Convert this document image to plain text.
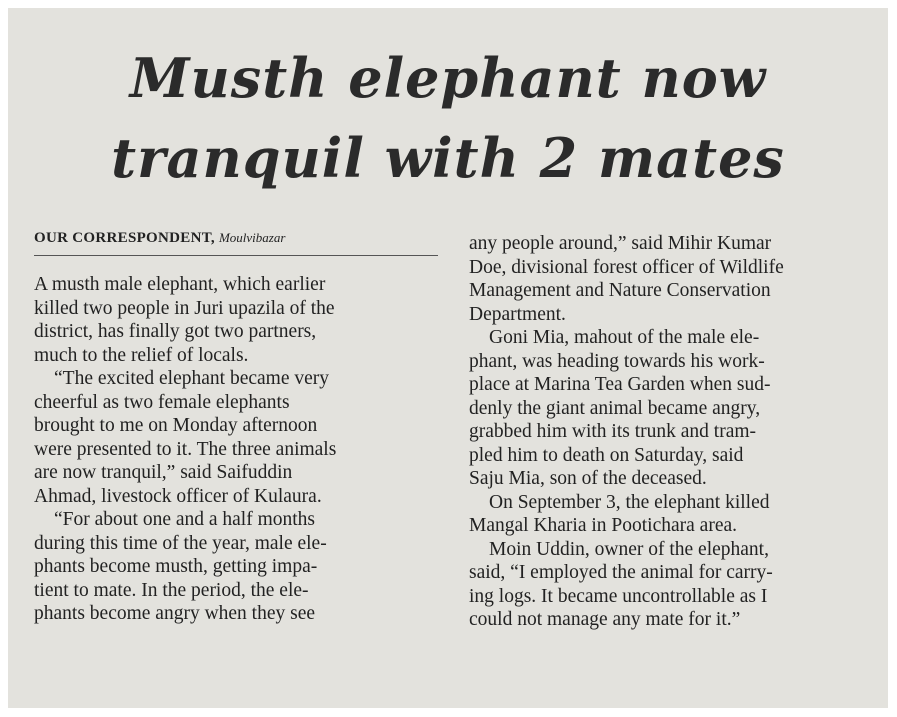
Musth elephant now
tranquil with 2 mates
OUR CORRESPONDENT, Moulvibazar
A musth male elephant, which earlier
killed two people in Juri upazila of the
district, has finally got two partners,
much to the relief of locals.
“The excited elephant became very
cheerful as two female elephants
brought to me on Monday afternoon
were presented to it. The three animals
are now tranquil,” said Saifuddin
Ahmad, livestock officer of Kulaura.
“For about one and a half months
during this time of the year, male ele-
phants become musth, getting impa-
tient to mate. In the period, the ele-
phants become angry when they see
any people around,” said Mihir Kumar
Doe, divisional forest officer of Wildlife
Management and Nature Conservation
Department.
Goni Mia, mahout of the male ele-
phant, was heading towards his work-
place at Marina Tea Garden when sud-
denly the giant animal became angry,
grabbed him with its trunk and tram-
pled him to death on Saturday, said
Saju Mia, son of the deceased.
On September 3, the elephant killed
Mangal Kharia in Pootichara area.
Moin Uddin, owner of the elephant,
said, “I employed the animal for carry-
ing logs. It became uncontrollable as I
could not manage any mate for it.”
